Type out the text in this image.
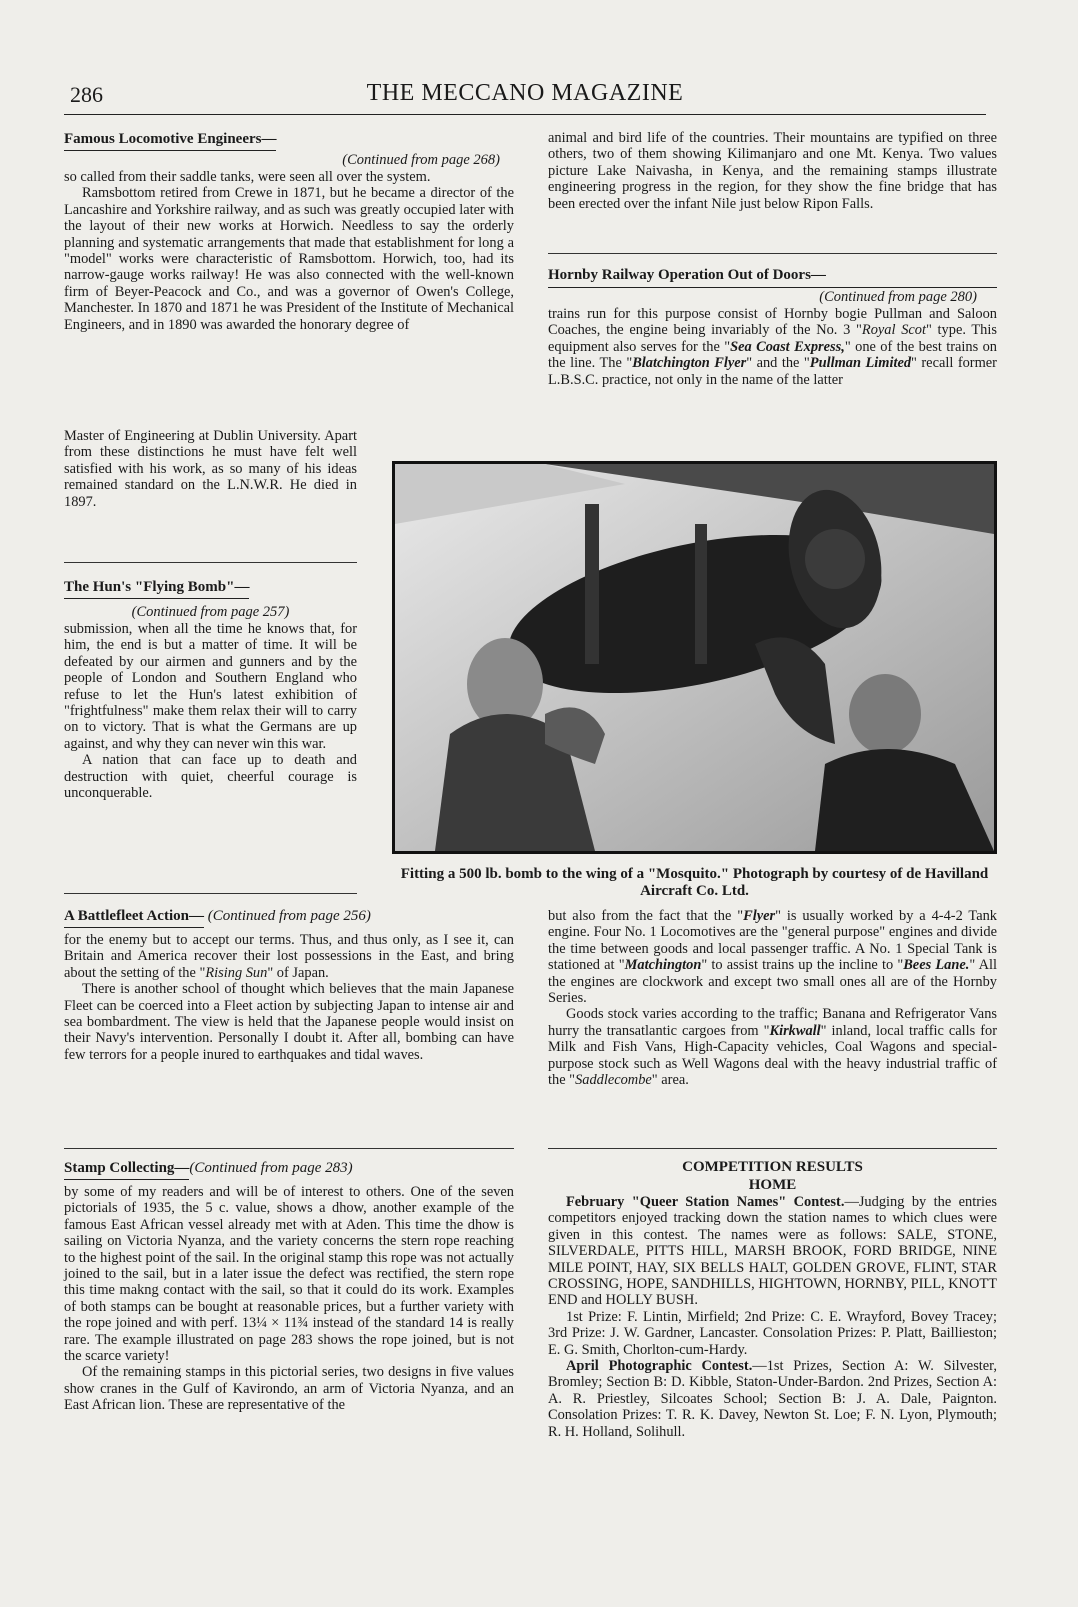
286	THE MECCANO MAGAZINE
Famous Locomotive Engineers—
(Continued from page 268)

so called from their saddle tanks, were seen all over the system.

Ramsbottom retired from Crewe in 1871, but he became a director of the Lancashire and Yorkshire railway, and as such was greatly occupied later with the layout of their new works at Horwich. Needless to say the orderly planning and systematic arrangements that made that establishment for long a "model" works were characteristic of Ramsbottom. Horwich, too, had its narrow-gauge works railway! He was also connected with the well-known firm of Beyer-Peacock and Co., and was a governor of Owen's College, Manchester. In 1870 and 1871 he was President of the Institute of Mechanical Engineers, and in 1890 was awarded the honorary degree of

Master of Engineering at Dublin University. Apart from these distinctions he must have felt well satisfied with his work, as so many of his ideas remained standard on the L.N.W.R. He died in 1897.

The Hun's "Flying Bomb"—
(Continued from page 257)

submission, when all the time he knows that, for him, the end is but a matter of time. It will be defeated by our airmen and gunners and by the people of London and Southern England who refuse to let the Hun's latest exhibition of "frightfulness" make them relax their will to carry on to victory. That is what the Germans are up against, and why they can never win this war.

A nation that can face up to death and destruction with quiet, cheerful courage is unconquerable.

animal and bird life of the countries. Their mountains are typified on three others, two of them showing Kilimanjaro and one Mt. Kenya. Two values picture Lake Naivasha, in Kenya, and the remaining stamps illustrate engineering progress in the region, for they show the fine bridge that has been erected over the infant Nile just below Ripon Falls.

Hornby Railway Operation Out of Doors—
(Continued from page 280)

trains run for this purpose consist of Hornby bogie Pullman and Saloon Coaches, the engine being invariably of the No. 3 "Royal Scot" type. This equipment also serves for the "Sea Coast Express," one of the best trains on the line. The "Blatchington Flyer" and the "Pullman Limited" recall former L.B.S.C. practice, not only in the name of the latter

Fitting a 500 lb. bomb to the wing of a "Mosquito." Photograph by courtesy of de Havilland Aircraft Co. Ltd.
A Battlefleet Action— (Continued from page 256)

for the enemy but to accept our terms. Thus, and thus only, as I see it, can Britain and America recover their lost possessions in the East, and bring about the setting of the "Rising Sun" of Japan.

There is another school of thought which believes that the main Japanese Fleet can be coerced into a Fleet action by subjecting Japan to intense air and sea bombardment. The view is held that the Japanese people would insist on their Navy's intervention. Personally I doubt it. After all, bombing can have few terrors for a people inured to earthquakes and tidal waves.

Stamp Collecting—(Continued from page 283)

by some of my readers and will be of interest to others. One of the seven pictorials of 1935, the 5 c. value, shows a dhow, another example of the famous East African vessel already met with at Aden. This time the dhow is sailing on Victoria Nyanza, and the variety concerns the stern rope reaching to the highest point of the sail. In the original stamp this rope was not actually joined to the sail, but in a later issue the defect was rectified, the stern rope this time makng contact with the sail, so that it could do its work. Examples of both stamps can be bought at reasonable prices, but a further variety with the rope joined and with perf. 13¼ × 11¾ instead of the standard 14 is really rare. The example illustrated on page 283 shows the rope joined, but is not the scarce variety!

Of the remaining stamps in this pictorial series, two designs in five values show cranes in the Gulf of Kavirondo, an arm of Victoria Nyanza, and an East African lion. These are representative of the

but also from the fact that the "Flyer" is usually worked by a 4-4-2 Tank engine. Four No. 1 Locomotives are the "general purpose" engines and divide the time between goods and local passenger traffic. A No. 1 Special Tank is stationed at "Matchington" to assist trains up the incline to "Bees Lane." All the engines are clockwork and except two small ones all are of the Hornby Series.

Goods stock varies according to the traffic; Banana and Refrigerator Vans hurry the transatlantic cargoes from "Kirkwall" inland, local traffic calls for Milk and Fish Vans, High-Capacity vehicles, Coal Wagons and special-purpose stock such as Well Wagons deal with the heavy industrial traffic of the "Saddlecombe" area.

COMPETITION RESULTS
HOME

February "Queer Station Names" Contest.—Judging by the entries competitors enjoyed tracking down the station names to which clues were given in this contest. The names were as follows: SALE, STONE, SILVERDALE, PITTS HILL, MARSH BROOK, FORD BRIDGE, NINE MILE POINT, HAY, SIX BELLS HALT, GOLDEN GROVE, FLINT, STAR CROSSING, HOPE, SANDHILLS, HIGHTOWN, HORNBY, PILL, KNOTT END and HOLLY BUSH.

1st Prize: F. Lintin, Mirfield; 2nd Prize: C. E. Wrayford, Bovey Tracey; 3rd Prize: J. W. Gardner, Lancaster. Consolation Prizes: P. Platt, Baillieston; E. G. Smith, Chorlton-cum-Hardy.

April Photographic Contest.—1st Prizes, Section A: W. Silvester, Bromley; Section B: D. Kibble, Staton-Under-Bardon. 2nd Prizes, Section A: A. R. Priestley, Silcoates School; Section B: J. A. Dale, Paignton. Consolation Prizes: T. R. K. Davey, Newton St. Loe; F. N. Lyon, Plymouth; R. H. Holland, Solihull.
